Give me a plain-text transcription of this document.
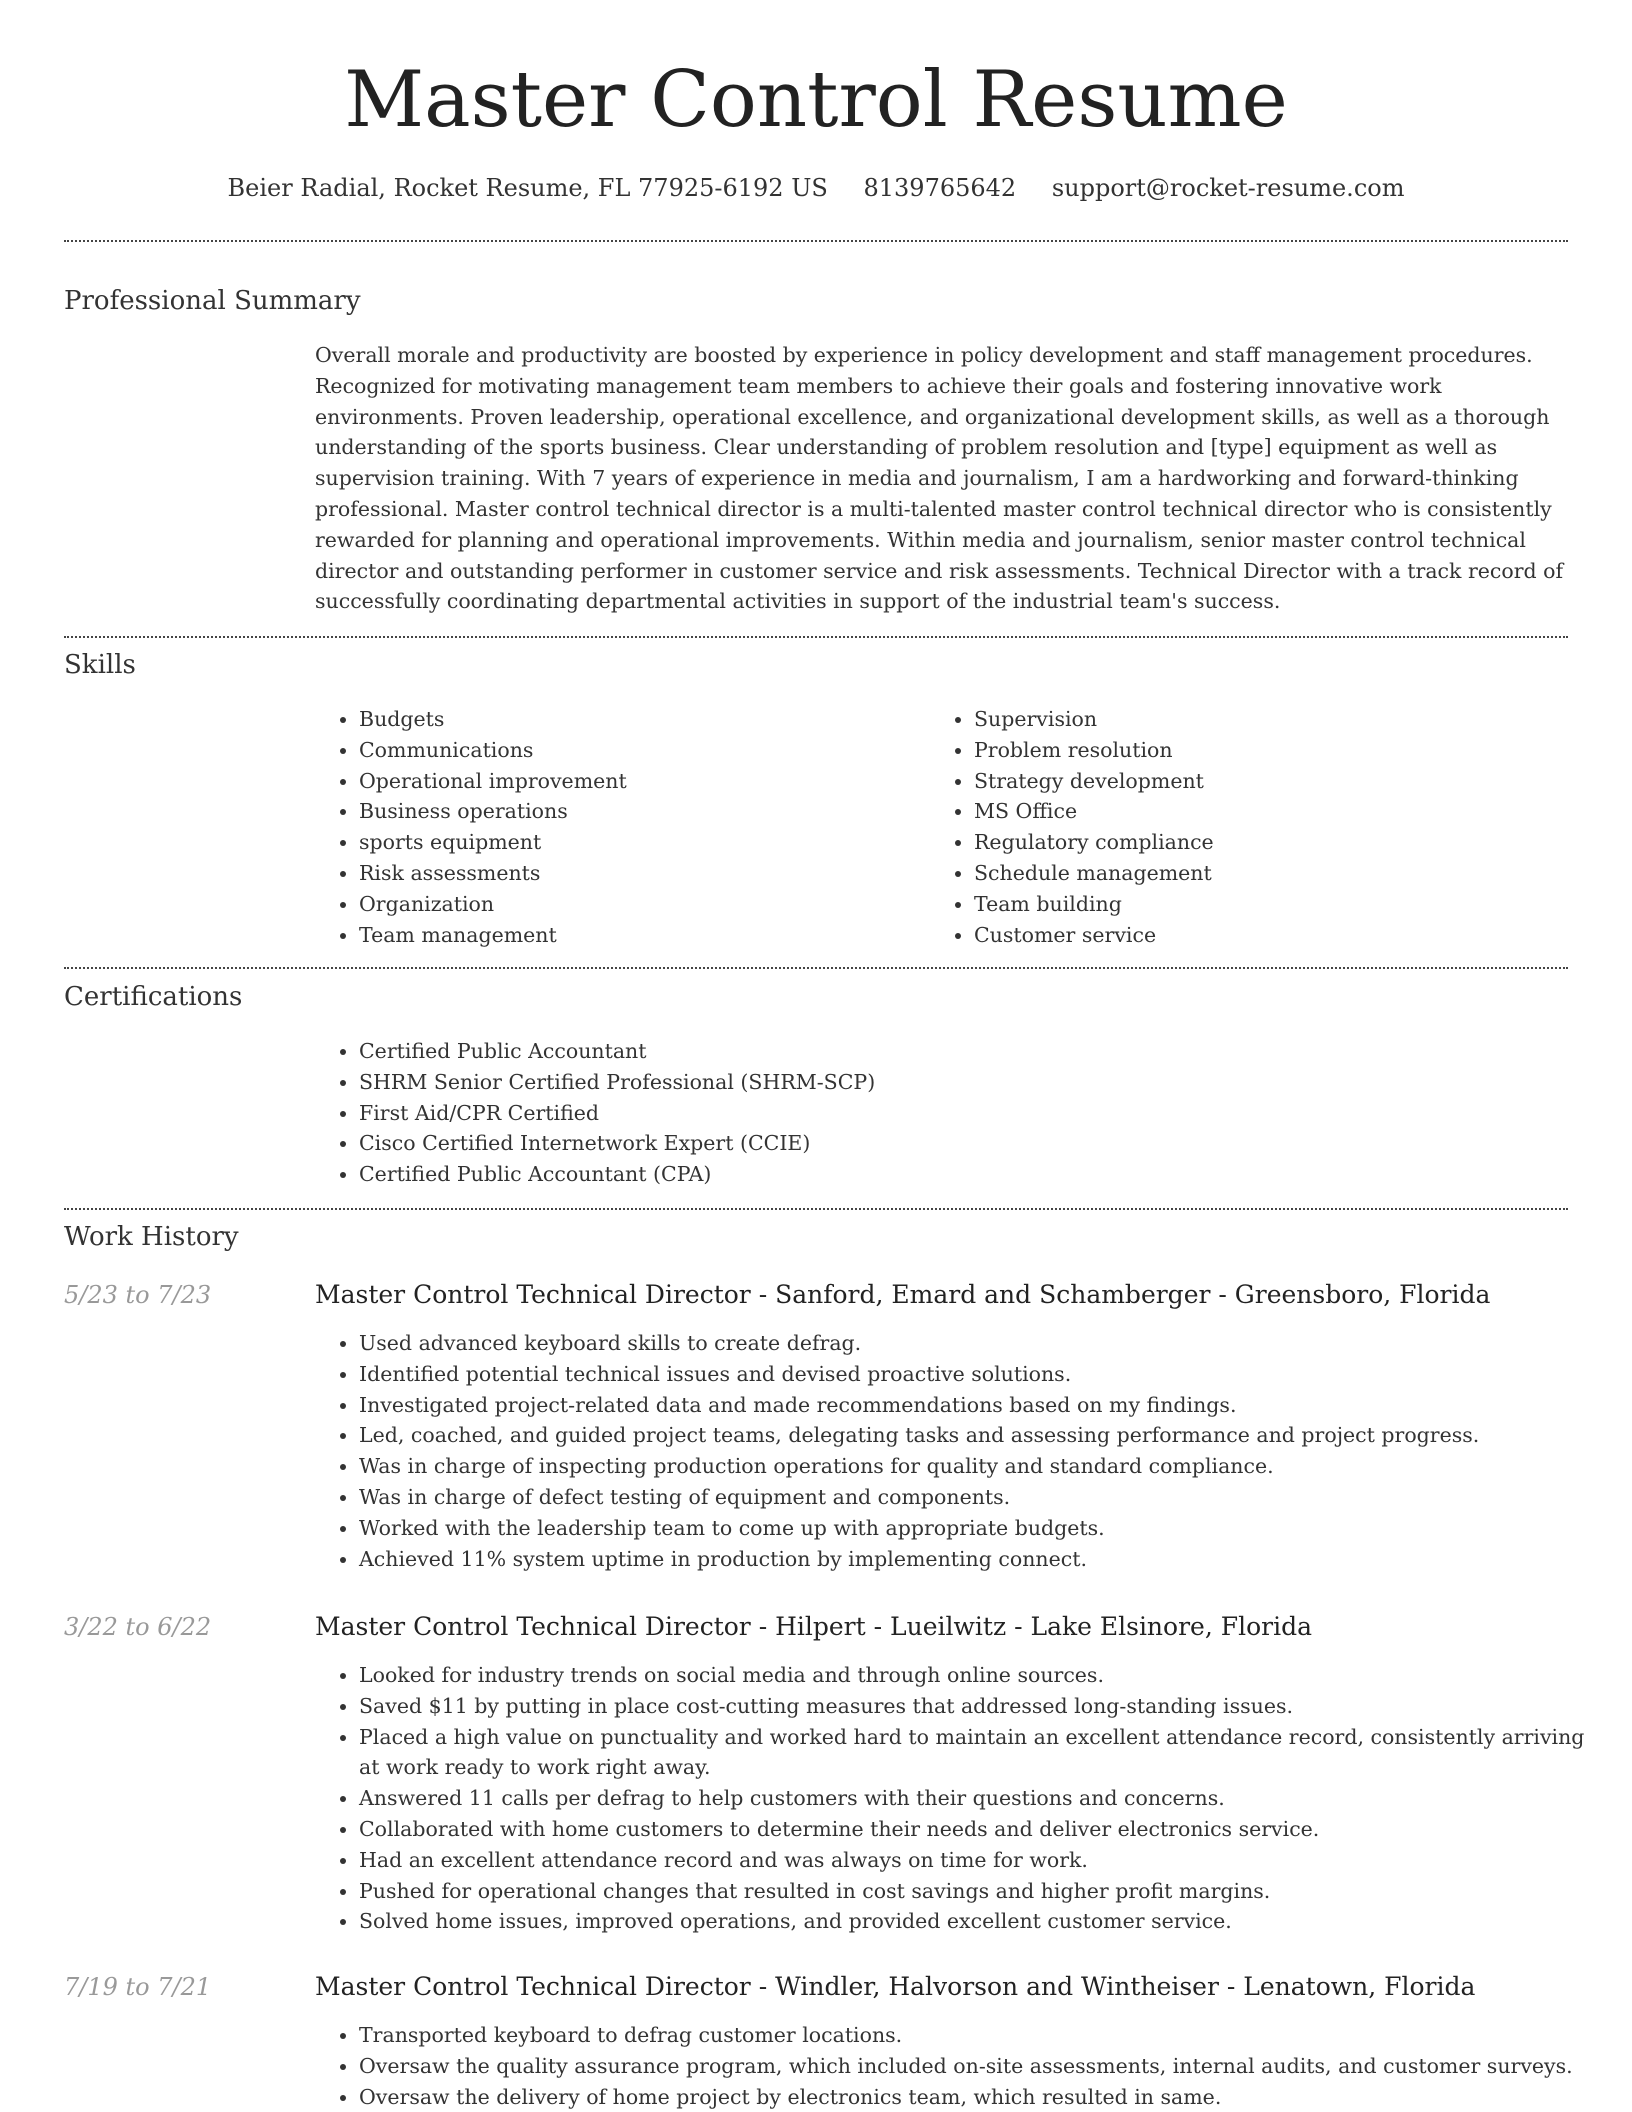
Master Control Resume
Beier Radial, Rocket Resume, FL 77925-6192 US 8139765642 support@rocket-resume.com
Professional Summary

Overall morale and productivity are boosted by experience in policy development and staff management procedures. Recognized for motivating management team members to achieve their goals and fostering innovative work environments. Proven leadership, operational excellence, and organizational development skills, as well as a thorough understanding of the sports business. Clear understanding of problem resolution and [type] equipment as well as supervision training. With 7 years of experience in media and journalism, I am a hardworking and forward-thinking professional. Master control technical director is a multi-talented master control technical director who is consistently rewarded for planning and operational improvements. Within media and journalism, senior master control technical director and outstanding performer in customer service and risk assessments. Technical Director with a track record of successfully coordinating departmental activities in support of the industrial team's success.

Skills
• Budgets
• Communications
• Operational improvement
• Business operations
• sports equipment
• Risk assessments
• Organization
• Team management
• Supervision
• Problem resolution
• Strategy development
• MS Office
• Regulatory compliance
• Schedule management
• Team building
• Customer service
Certifications
• Certified Public Accountant
• SHRM Senior Certified Professional (SHRM-SCP)
• First Aid/CPR Certified
• Cisco Certified Internetwork Expert (CCIE)
• Certified Public Accountant (CPA)
Work History
5/23 to 7/23	Master Control Technical Director - Sanford, Emard and Schamberger - Greensboro, Florida
• Used advanced keyboard skills to create defrag.
• Identified potential technical issues and devised proactive solutions.
• Investigated project-related data and made recommendations based on my findings.
• Led, coached, and guided project teams, delegating tasks and assessing performance and project progress.
• Was in charge of inspecting production operations for quality and standard compliance.
• Was in charge of defect testing of equipment and components.
• Worked with the leadership team to come up with appropriate budgets.
• Achieved 11% system uptime in production by implementing connect.
3/22 to 6/22	Master Control Technical Director - Hilpert - Lueilwitz - Lake Elsinore, Florida
• Looked for industry trends on social media and through online sources.
• Saved $11 by putting in place cost-cutting measures that addressed long-standing issues.
• Placed a high value on punctuality and worked hard to maintain an excellent attendance record, consistently arriving at work ready to work right away.
• Answered 11 calls per defrag to help customers with their questions and concerns.
• Collaborated with home customers to determine their needs and deliver electronics service.
• Had an excellent attendance record and was always on time for work.
• Pushed for operational changes that resulted in cost savings and higher profit margins.
• Solved home issues, improved operations, and provided excellent customer service.
7/19 to 7/21	Master Control Technical Director - Windler, Halvorson and Wintheiser - Lenatown, Florida
• Transported keyboard to defrag customer locations.
• Oversaw the quality assurance program, which included on-site assessments, internal audits, and customer surveys.
• Oversaw the delivery of home project by electronics team, which resulted in same.
